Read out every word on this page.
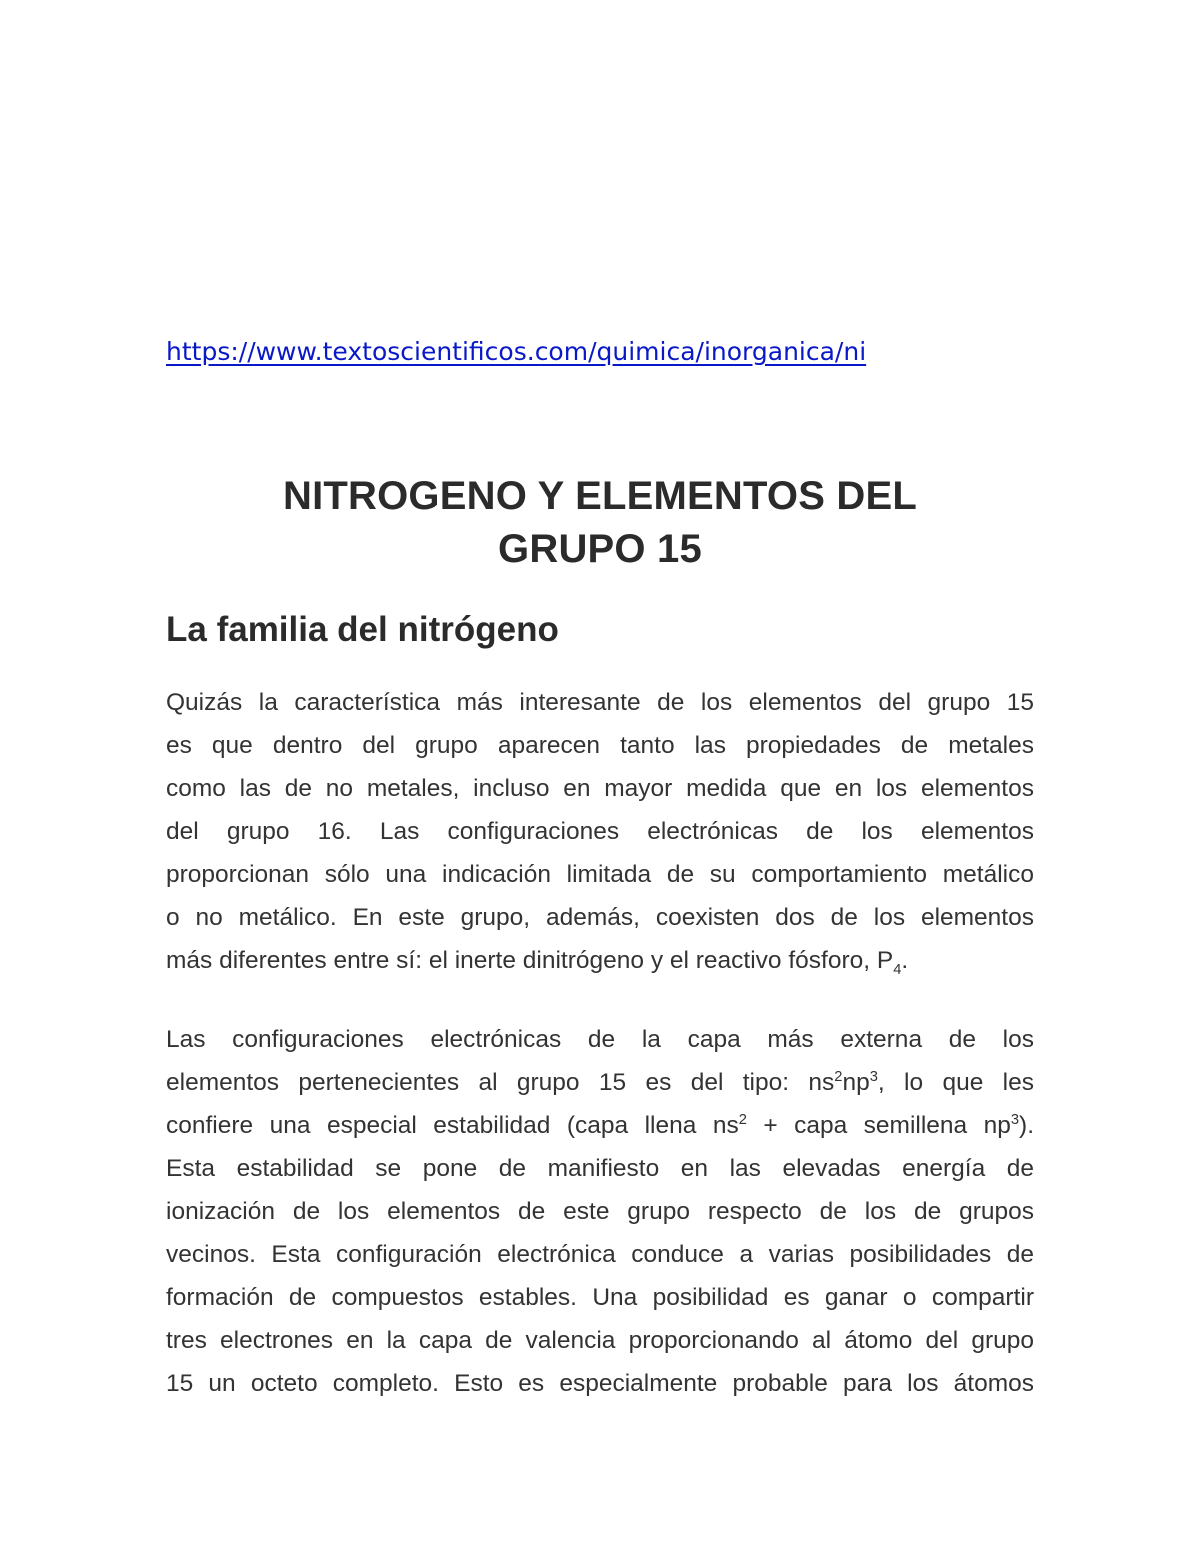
https://www.textoscientificos.com/quimica/inorganica/ni
NITROGENO Y ELEMENTOS DEL
GRUPO 15
La familia del nitrógeno

Quizás la característica más interesante de los elementos del grupo 15
es que dentro del grupo aparecen tanto las propiedades de metales
como las de no metales, incluso en mayor medida que en los elementos
del grupo 16. Las configuraciones electrónicas de los elementos
proporcionan sólo una indicación limitada de su comportamiento metálico
o no metálico. En este grupo, además, coexisten dos de los elementos
más diferentes entre sí: el inerte dinitrógeno y el reactivo fósforo, $P_4$.

Las configuraciones electrónicas de la capa más externa de los
elementos pertenecientes al grupo 15 es del tipo: $ns^2np^3$, lo que les
confiere una especial estabilidad (capa llena $ns^2$ + capa semillena $np^3$).
Esta estabilidad se pone de manifiesto en las elevadas energía de
ionización de los elementos de este grupo respecto de los de grupos
vecinos. Esta configuración electrónica conduce a varias posibilidades de
formación de compuestos estables. Una posibilidad es ganar o compartir
tres electrones en la capa de valencia proporcionando al átomo del grupo
15 un octeto completo. Esto es especialmente probable para los átomos
